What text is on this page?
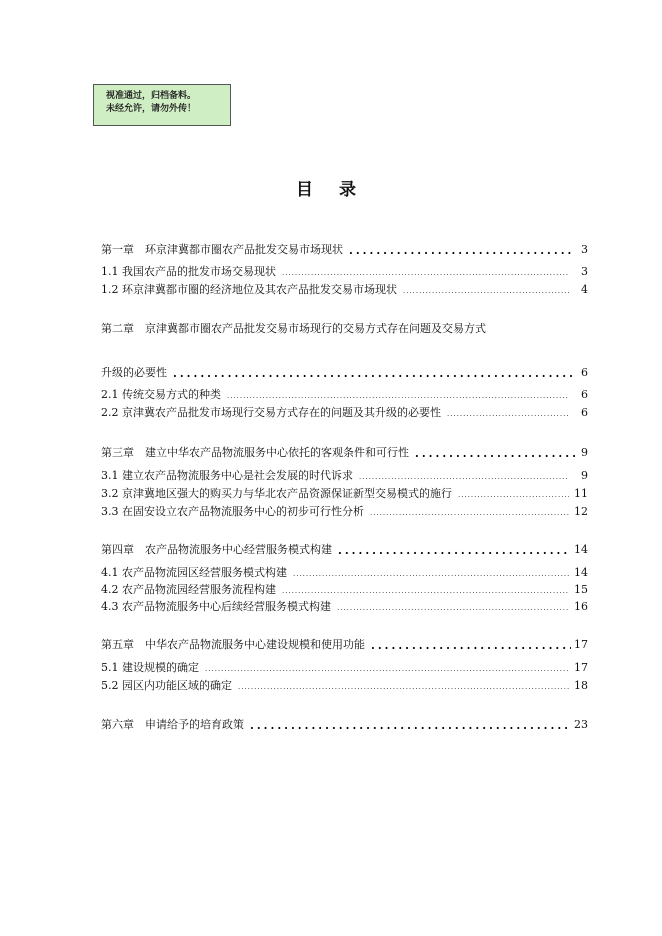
视准通过，归档备料。
未经允许，请勿外传！
目 录
第一章　环京津冀都市圈农产品批发交易市场现状 .....	3
1.1 我国农产品的批发市场交易现状 .....	3
1.2 环京津冀都市圈的经济地位及其农产品批发交易市场现状 .....	4
第二章　京津冀都市圈农产品批发交易市场现行的交易方式存在问题及交易方式
升级的必要性 .....	6
2.1 传统交易方式的种类 .....	6
2.2 京津冀农产品批发市场现行交易方式存在的问题及其升级的必要性 .....	6
第三章　建立中华农产品物流服务中心依托的客观条件和可行性 .....	9
3.1 建立农产品物流服务中心是社会发展的时代诉求 .....	9
3.2 京津冀地区强大的购买力与华北农产品资源保证新型交易模式的施行 .....	11
3.3 在固安设立农产品物流服务中心的初步可行性分析 .....	12
第四章　农产品物流服务中心经营服务模式构建 .....	14
4.1 农产品物流园区经营服务模式构建 .....	14
4.2 农产品物流园经营服务流程构建 .....	15
4.3 农产品物流服务中心后续经营服务模式构建 .....	16
第五章　中华农产品物流服务中心建设规模和使用功能 .....	17
5.1 建设规模的确定 .....	17
5.2 园区内功能区域的确定 .....	18
第六章　申请给予的培育政策 .....	23
